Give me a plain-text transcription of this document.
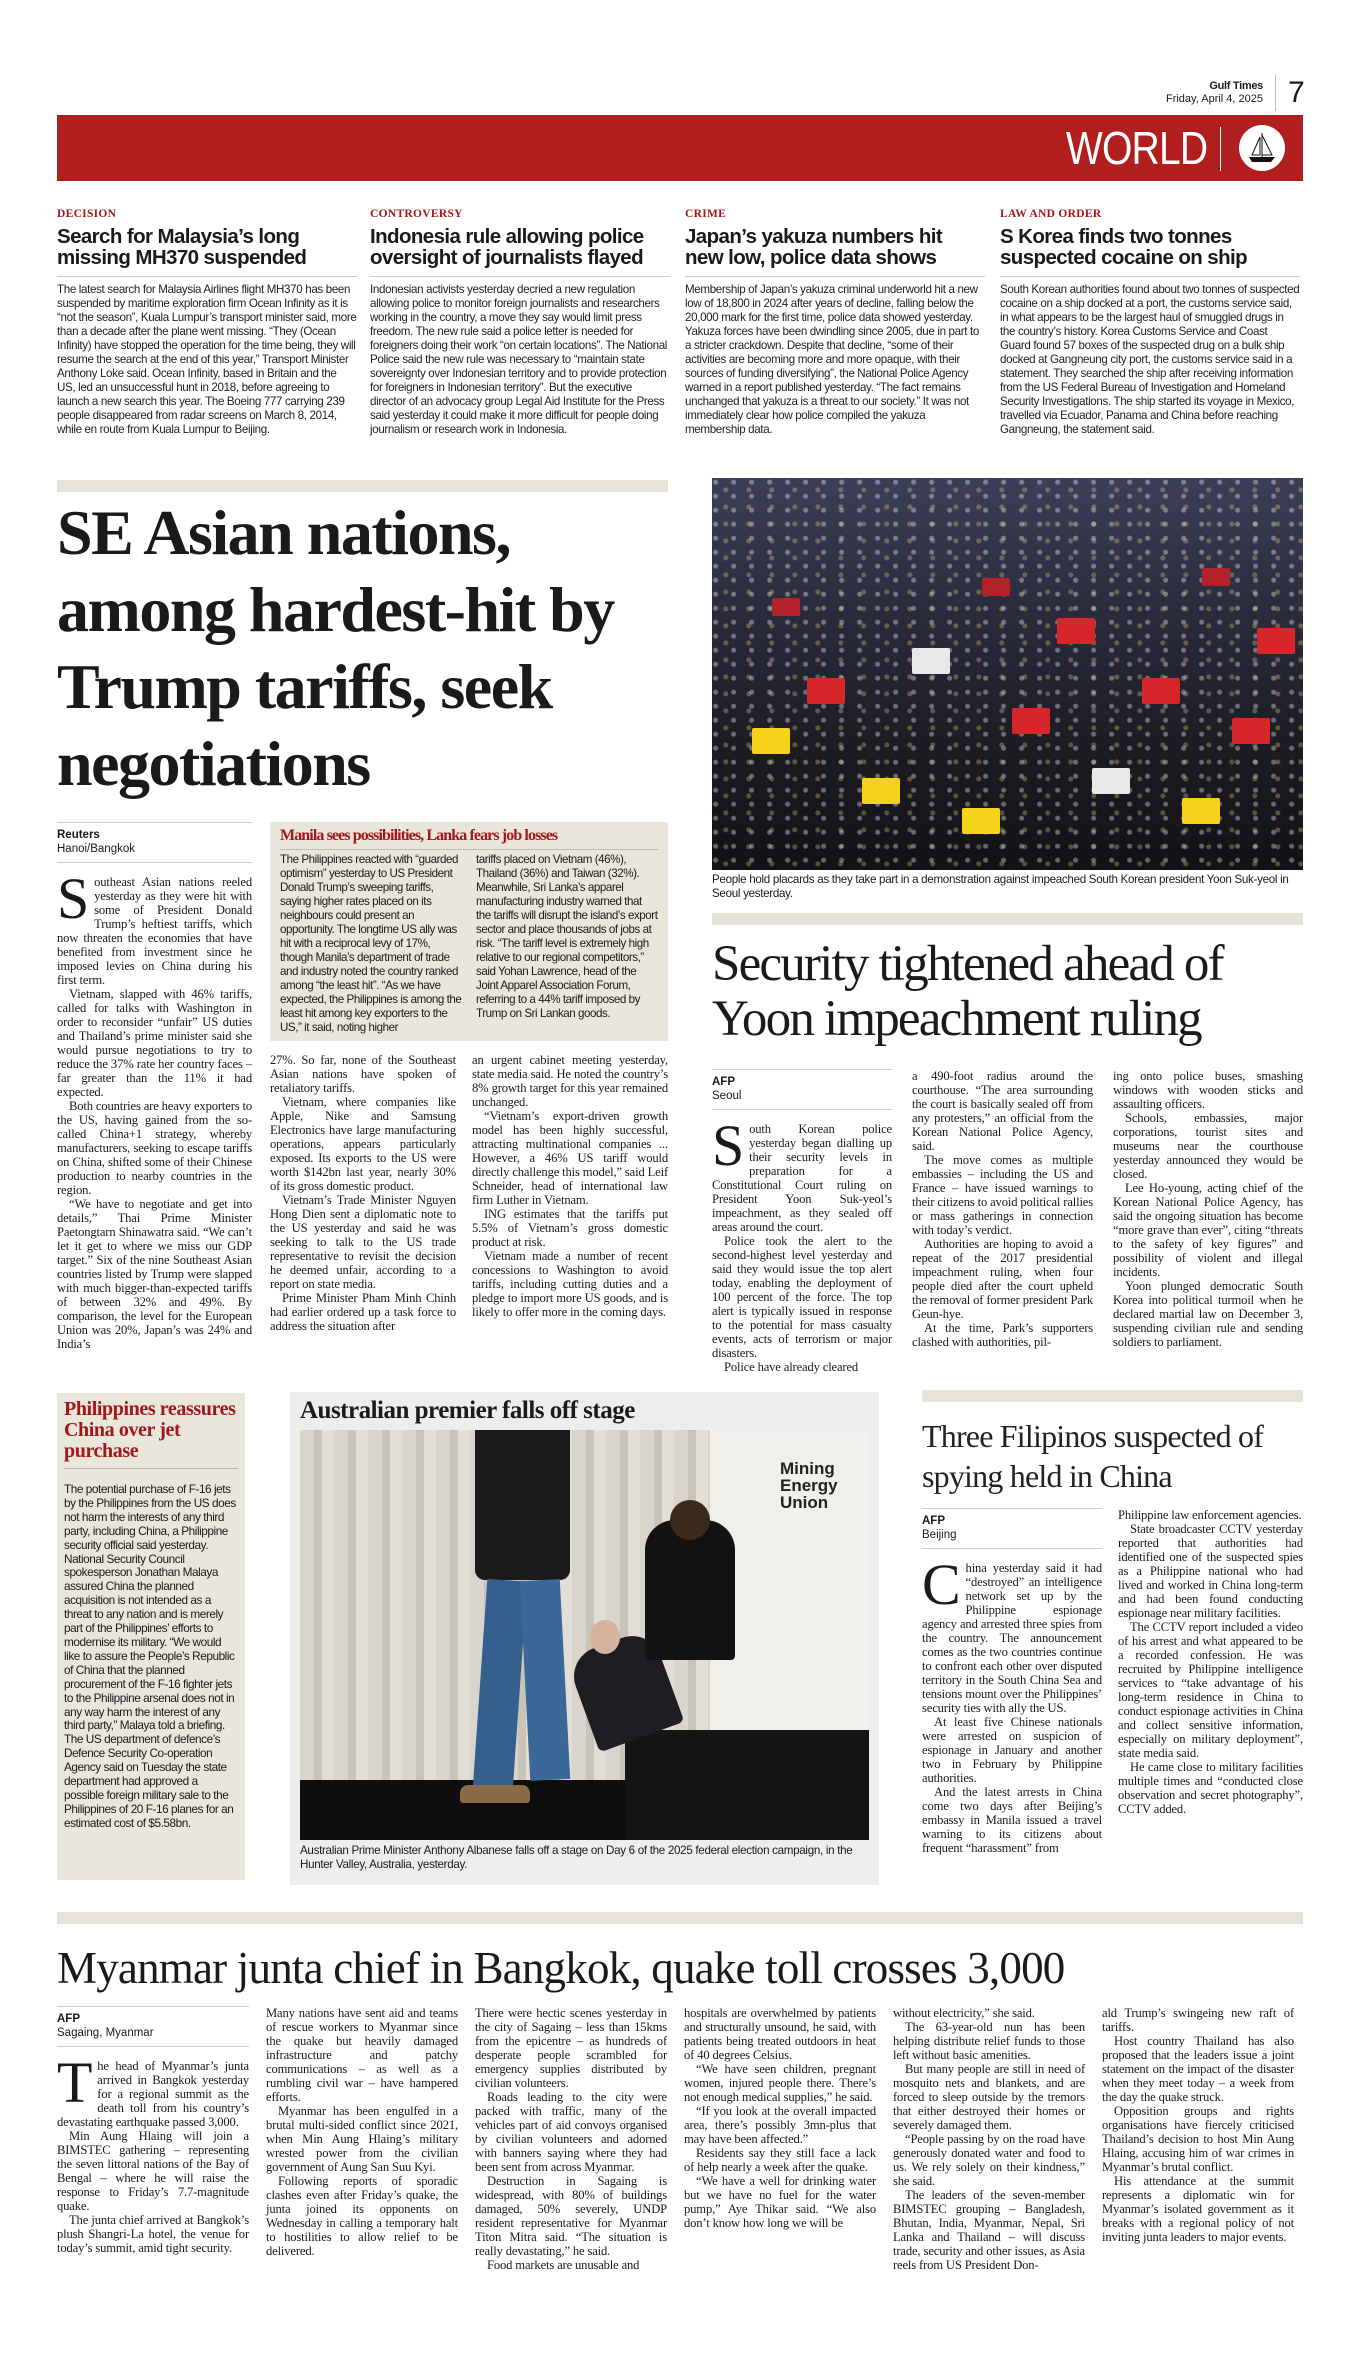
Gulf Times
Friday, April 4, 2025 7
WORLD
DECISION
Search for Malaysia’s long missing MH370 suspended
The latest search for Malaysia Airlines flight MH370 has been suspended by maritime exploration firm Ocean Infinity as it is “not the season”, Kuala Lumpur’s transport minister said, more than a decade after the plane went missing. “They (Ocean Infinity) have stopped the operation for the time being, they will resume the search at the end of this year,” Transport Minister Anthony Loke said. Ocean Infinity, based in Britain and the US, led an unsuccessful hunt in 2018, before agreeing to launch a new search this year. The Boeing 777 carrying 239 people disappeared from radar screens on March 8, 2014, while en route from Kuala Lumpur to Beijing.
CONTROVERSY
Indonesia rule allowing police oversight of journalists flayed
Indonesian activists yesterday decried a new regulation allowing police to monitor foreign journalists and researchers working in the country, a move they say would limit press freedom. The new rule said a police letter is needed for foreigners doing their work “on certain locations”. The National Police said the new rule was necessary to “maintain state sovereignty over Indonesian territory and to provide protection for foreigners in Indonesian territory”. But the executive director of an advocacy group Legal Aid Institute for the Press said yesterday it could make it more difficult for people doing journalism or research work in Indonesia.
CRIME
Japan’s yakuza numbers hit new low, police data shows
Membership of Japan’s yakuza criminal underworld hit a new low of 18,800 in 2024 after years of decline, falling below the 20,000 mark for the first time, police data showed yesterday. Yakuza forces have been dwindling since 2005, due in part to a stricter crackdown. Despite that decline, “some of their activities are becoming more and more opaque, with their sources of funding diversifying”, the National Police Agency warned in a report published yesterday. “The fact remains unchanged that yakuza is a threat to our society.” It was not immediately clear how police compiled the yakuza membership data.
LAW AND ORDER
S Korea finds two tonnes suspected cocaine on ship
South Korean authorities found about two tonnes of suspected cocaine on a ship docked at a port, the customs service said, in what appears to be the largest haul of smuggled drugs in the country’s history. Korea Customs Service and Coast Guard found 57 boxes of the suspected drug on a bulk ship docked at Gangneung city port, the customs service said in a statement. They searched the ship after receiving information from the US Federal Bureau of Investigation and Homeland Security Investigations. The ship started its voyage in Mexico, travelled via Ecuador, Panama and China before reaching Gangneung, the statement said.
SE Asian nations, among hardest-hit by Trump tariffs, seek negotiations
Reuters
Hanoi/Bangkok

Southeast Asian nations reeled yesterday as they were hit with some of President Donald Trump’s heftiest tariffs, which now threaten the economies that have benefited from investment since he imposed levies on China during his first term.

Vietnam, slapped with 46% tariffs, called for talks with Washington in order to reconsider “unfair” US duties and Thailand’s prime minister said she would pursue negotiations to try to reduce the 37% rate her country faces – far greater than the 11% it had expected.

Both countries are heavy exporters to the US, having gained from the so-called China+1 strategy, whereby manufacturers, seeking to escape tariffs on China, shifted some of their Chinese production to nearby countries in the region.

“We have to negotiate and get into details,” Thai Prime Minister Paetongtarn Shinawatra said. “We can’t let it get to where we miss our GDP target.” Six of the nine Southeast Asian countries listed by Trump were slapped with much bigger-than-expected tariffs of between 32% and 49%. By comparison, the level for the European Union was 20%, Japan’s was 24% and India’s

Manila sees possibilities, Lanka fears job losses

The Philippines reacted with “guarded optimism” yesterday to US President Donald Trump’s sweeping tariffs, saying higher rates placed on its neighbours could present an opportunity. The longtime US ally was hit with a reciprocal levy of 17%, though Manila’s department of trade and industry noted the country ranked among “the least hit”. “As we have expected, the Philippines is among the least hit among key exporters to the US,” it said, noting higher

tariffs placed on Vietnam (46%), Thailand (36%) and Taiwan (32%). Meanwhile, Sri Lanka’s apparel manufacturing industry warned that the tariffs will disrupt the island’s export sector and place thousands of jobs at risk. “The tariff level is extremely high relative to our regional competitors,” said Yohan Lawrence, head of the Joint Apparel Association Forum, referring to a 44% tariff imposed by Trump on Sri Lankan goods.

27%. So far, none of the Southeast Asian nations have spoken of retaliatory tariffs.

Vietnam, where companies like Apple, Nike and Samsung Electronics have large manufacturing operations, appears particularly exposed. Its exports to the US were worth $142bn last year, nearly 30% of its gross domestic product.

Vietnam’s Trade Minister Nguyen Hong Dien sent a diplomatic note to the US yesterday and said he was seeking to talk to the US trade representative to revisit the decision he deemed unfair, according to a report on state media.

Prime Minister Pham Minh Chinh had earlier ordered up a task force to address the situation after

an urgent cabinet meeting yesterday, state media said. He noted the country’s 8% growth target for this year remained unchanged.

“Vietnam’s export-driven growth model has been highly successful, attracting multinational companies ... However, a 46% US tariff would directly challenge this model,” said Leif Schneider, head of international law firm Luther in Vietnam.

ING estimates that the tariffs put 5.5% of Vietnam’s gross domestic product at risk.

Vietnam made a number of recent concessions to Washington to avoid tariffs, including cutting duties and a pledge to import more US goods, and is likely to offer more in the coming days.

People hold placards as they take part in a demonstration against impeached South Korean president Yoon Suk-yeol in Seoul yesterday.
Security tightened ahead of Yoon impeachment ruling
AFP
Seoul

South Korean police yesterday began dialling up their security levels in preparation for a Constitutional Court ruling on President Yoon Suk-yeol’s impeachment, as they sealed off areas around the court.

Police took the alert to the second-highest level yesterday and said they would issue the top alert today, enabling the deployment of 100 percent of the force. The top alert is typically issued in response to the potential for mass casualty events, acts of terrorism or major disasters.

Police have already cleared

a 490-foot radius around the courthouse. “The area surrounding the court is basically sealed off from any protesters,” an official from the Korean National Police Agency, said.

The move comes as multiple embassies – including the US and France – have issued warnings to their citizens to avoid political rallies or mass gatherings in connection with today’s verdict.

Authorities are hoping to avoid a repeat of the 2017 presidential impeachment ruling, when four people died after the court upheld the removal of former president Park Geun-hye.

At the time, Park’s supporters clashed with authorities, pil-

ing onto police buses, smashing windows with wooden sticks and assaulting officers.

Schools, embassies, major corporations, tourist sites and museums near the courthouse yesterday announced they would be closed.

Lee Ho-young, acting chief of the Korean National Police Agency, has said the ongoing situation has become “more grave than ever”, citing “threats to the safety of key figures” and possibility of violent and illegal incidents.

Yoon plunged democratic South Korea into political turmoil when he declared martial law on December 3, suspending civilian rule and sending soldiers to parliament.

Philippines reassures China over jet purchase
The potential purchase of F-16 jets by the Philippines from the US does not harm the interests of any third party, including China, a Philippine security official said yesterday. National Security Council spokesperson Jonathan Malaya assured China the planned acquisition is not intended as a threat to any nation and is merely part of the Philippines’ efforts to modernise its military. “We would like to assure the People’s Republic of China that the planned procurement of the F-16 fighter jets to the Philippine arsenal does not in any way harm the interest of any third party,” Malaya told a briefing. The US department of defence’s Defence Security Co-operation Agency said on Tuesday the state department had approved a possible foreign military sale to the Philippines of 20 F-16 planes for an estimated cost of $5.58bn.
Australian premier falls off stage
Mining Energy Union
Australian Prime Minister Anthony Albanese falls off a stage on Day 6 of the 2025 federal election campaign, in the Hunter Valley, Australia, yesterday.
Three Filipinos suspected of spying held in China
AFP
Beijing

China yesterday said it had “destroyed” an intelligence network set up by the Philippine espionage agency and arrested three spies from the country. The announcement comes as the two countries continue to confront each other over disputed territory in the South China Sea and tensions mount over the Philippines’ security ties with ally the US.

At least five Chinese nationals were arrested on suspicion of espionage in January and another two in February by Philippine authorities.

And the latest arrests in China come two days after Beijing’s embassy in Manila issued a travel warning to its citizens about frequent “harassment” from

Philippine law enforcement agencies.

State broadcaster CCTV yesterday reported that authorities had identified one of the suspected spies as a Philippine national who had lived and worked in China long-term and had been found conducting espionage near military facilities.

The CCTV report included a video of his arrest and what appeared to be a recorded confession. He was recruited by Philippine intelligence services to “take advantage of his long-term residence in China to conduct espionage activities in China and collect sensitive information, especially on military deployment”, state media said.

He came close to military facilities multiple times and “conducted close observation and secret photography”, CCTV added.

Myanmar junta chief in Bangkok, quake toll crosses 3,000
AFP
Sagaing, Myanmar

The head of Myanmar’s junta arrived in Bangkok yesterday for a regional summit as the death toll from his country’s devastating earthquake passed 3,000.

Min Aung Hlaing will join a BIMSTEC gathering – representing the seven littoral nations of the Bay of Bengal – where he will raise the response to Friday’s 7.7-magnitude quake.

The junta chief arrived at Bangkok’s plush Shangri-La hotel, the venue for today’s summit, amid tight security.

Many nations have sent aid and teams of rescue workers to Myanmar since the quake but heavily damaged infrastructure and patchy communications – as well as a rumbling civil war – have hampered efforts.

Myanmar has been engulfed in a brutal multi-sided conflict since 2021, when Min Aung Hlaing’s military wrested power from the civilian government of Aung San Suu Kyi.

Following reports of sporadic clashes even after Friday’s quake, the junta joined its opponents on Wednesday in calling a temporary halt to hostilities to allow relief to be delivered.

There were hectic scenes yesterday in the city of Sagaing – less than 15kms from the epicentre – as hundreds of desperate people scrambled for emergency supplies distributed by civilian volunteers.

Roads leading to the city were packed with traffic, many of the vehicles part of aid convoys organised by civilian volunteers and adorned with banners saying where they had been sent from across Myanmar.

Destruction in Sagaing is widespread, with 80% of buildings damaged, 50% severely, UNDP resident representative for Myanmar Titon Mitra said. “The situation is really devastating,” he said.

Food markets are unusable and

hospitals are overwhelmed by patients and structurally unsound, he said, with patients being treated outdoors in heat of 40 degrees Celsius.

“We have seen children, pregnant women, injured people there. There’s not enough medical supplies,” he said.

“If you look at the overall impacted area, there’s possibly 3mn-plus that may have been affected.”

Residents say they still face a lack of help nearly a week after the quake.

“We have a well for drinking water but we have no fuel for the water pump,” Aye Thikar said. “We also don’t know how long we will be

without electricity,” she said.

The 63-year-old nun has been helping distribute relief funds to those left without basic amenities.

But many people are still in need of mosquito nets and blankets, and are forced to sleep outside by the tremors that either destroyed their homes or severely damaged them.

“People passing by on the road have generously donated water and food to us. We rely solely on their kindness,” she said.

The leaders of the seven-member BIMSTEC grouping – Bangladesh, Bhutan, India, Myanmar, Nepal, Sri Lanka and Thailand – will discuss trade, security and other issues, as Asia reels from US President Don-

ald Trump’s swingeing new raft of tariffs.

Host country Thailand has also proposed that the leaders issue a joint statement on the impact of the disaster when they meet today – a week from the day the quake struck.

Opposition groups and rights organisations have fiercely criticised Thailand’s decision to host Min Aung Hlaing, accusing him of war crimes in Myanmar’s brutal conflict.

His attendance at the summit represents a diplomatic win for Myanmar’s isolated government as it breaks with a regional policy of not inviting junta leaders to major events.
